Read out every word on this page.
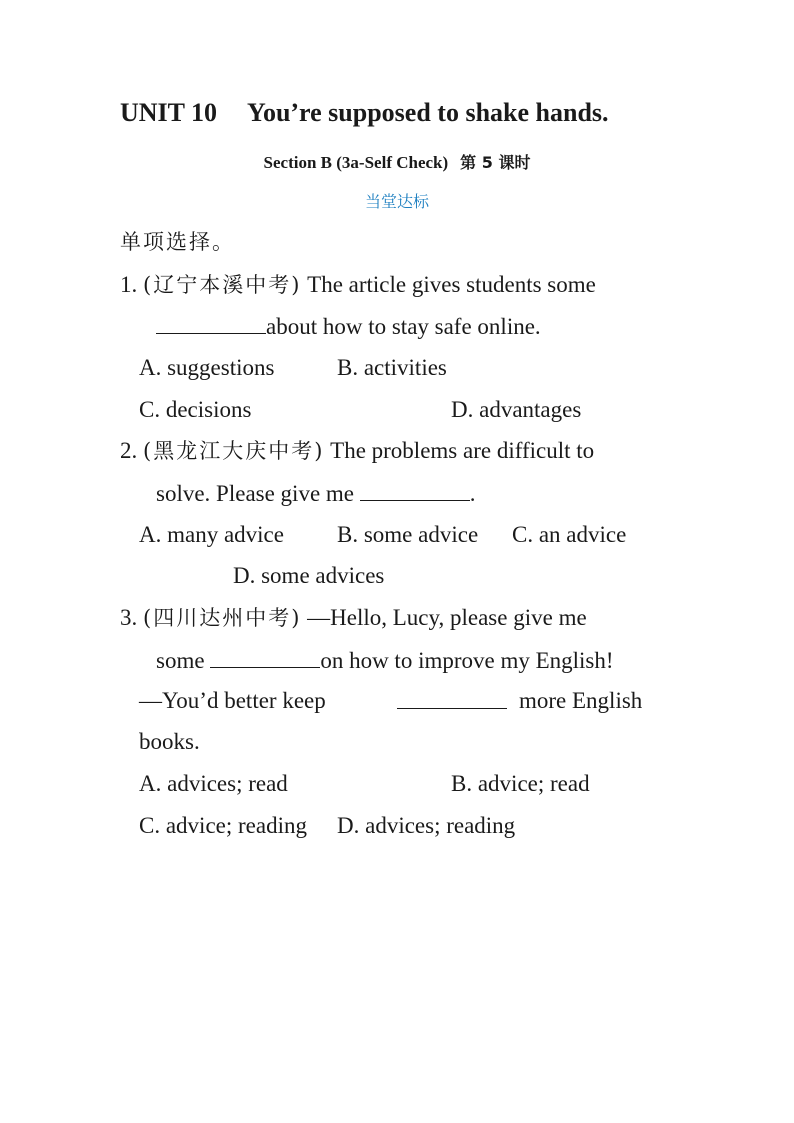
UNIT 10 You’re supposed to shake hands.
Section B (3a-Self Check) 第 5 课时
当堂达标
单项选择。
1. (辽宁本溪中考) The article gives students some
about how to stay safe online.
A. suggestions	B. activities
C. decisions	D. advantages
2. (黑龙江大庆中考) The problems are difficult to
solve. Please give me	.
A. many advice B. some advice C. an advice
D. some advices
3. (四川达州中考) —Hello, Lucy, please give me
some	on how to improve my English!
—You’d better keep	more English
books.
A. advices; read	B. advice; read
C. advice; reading D. advices; reading
